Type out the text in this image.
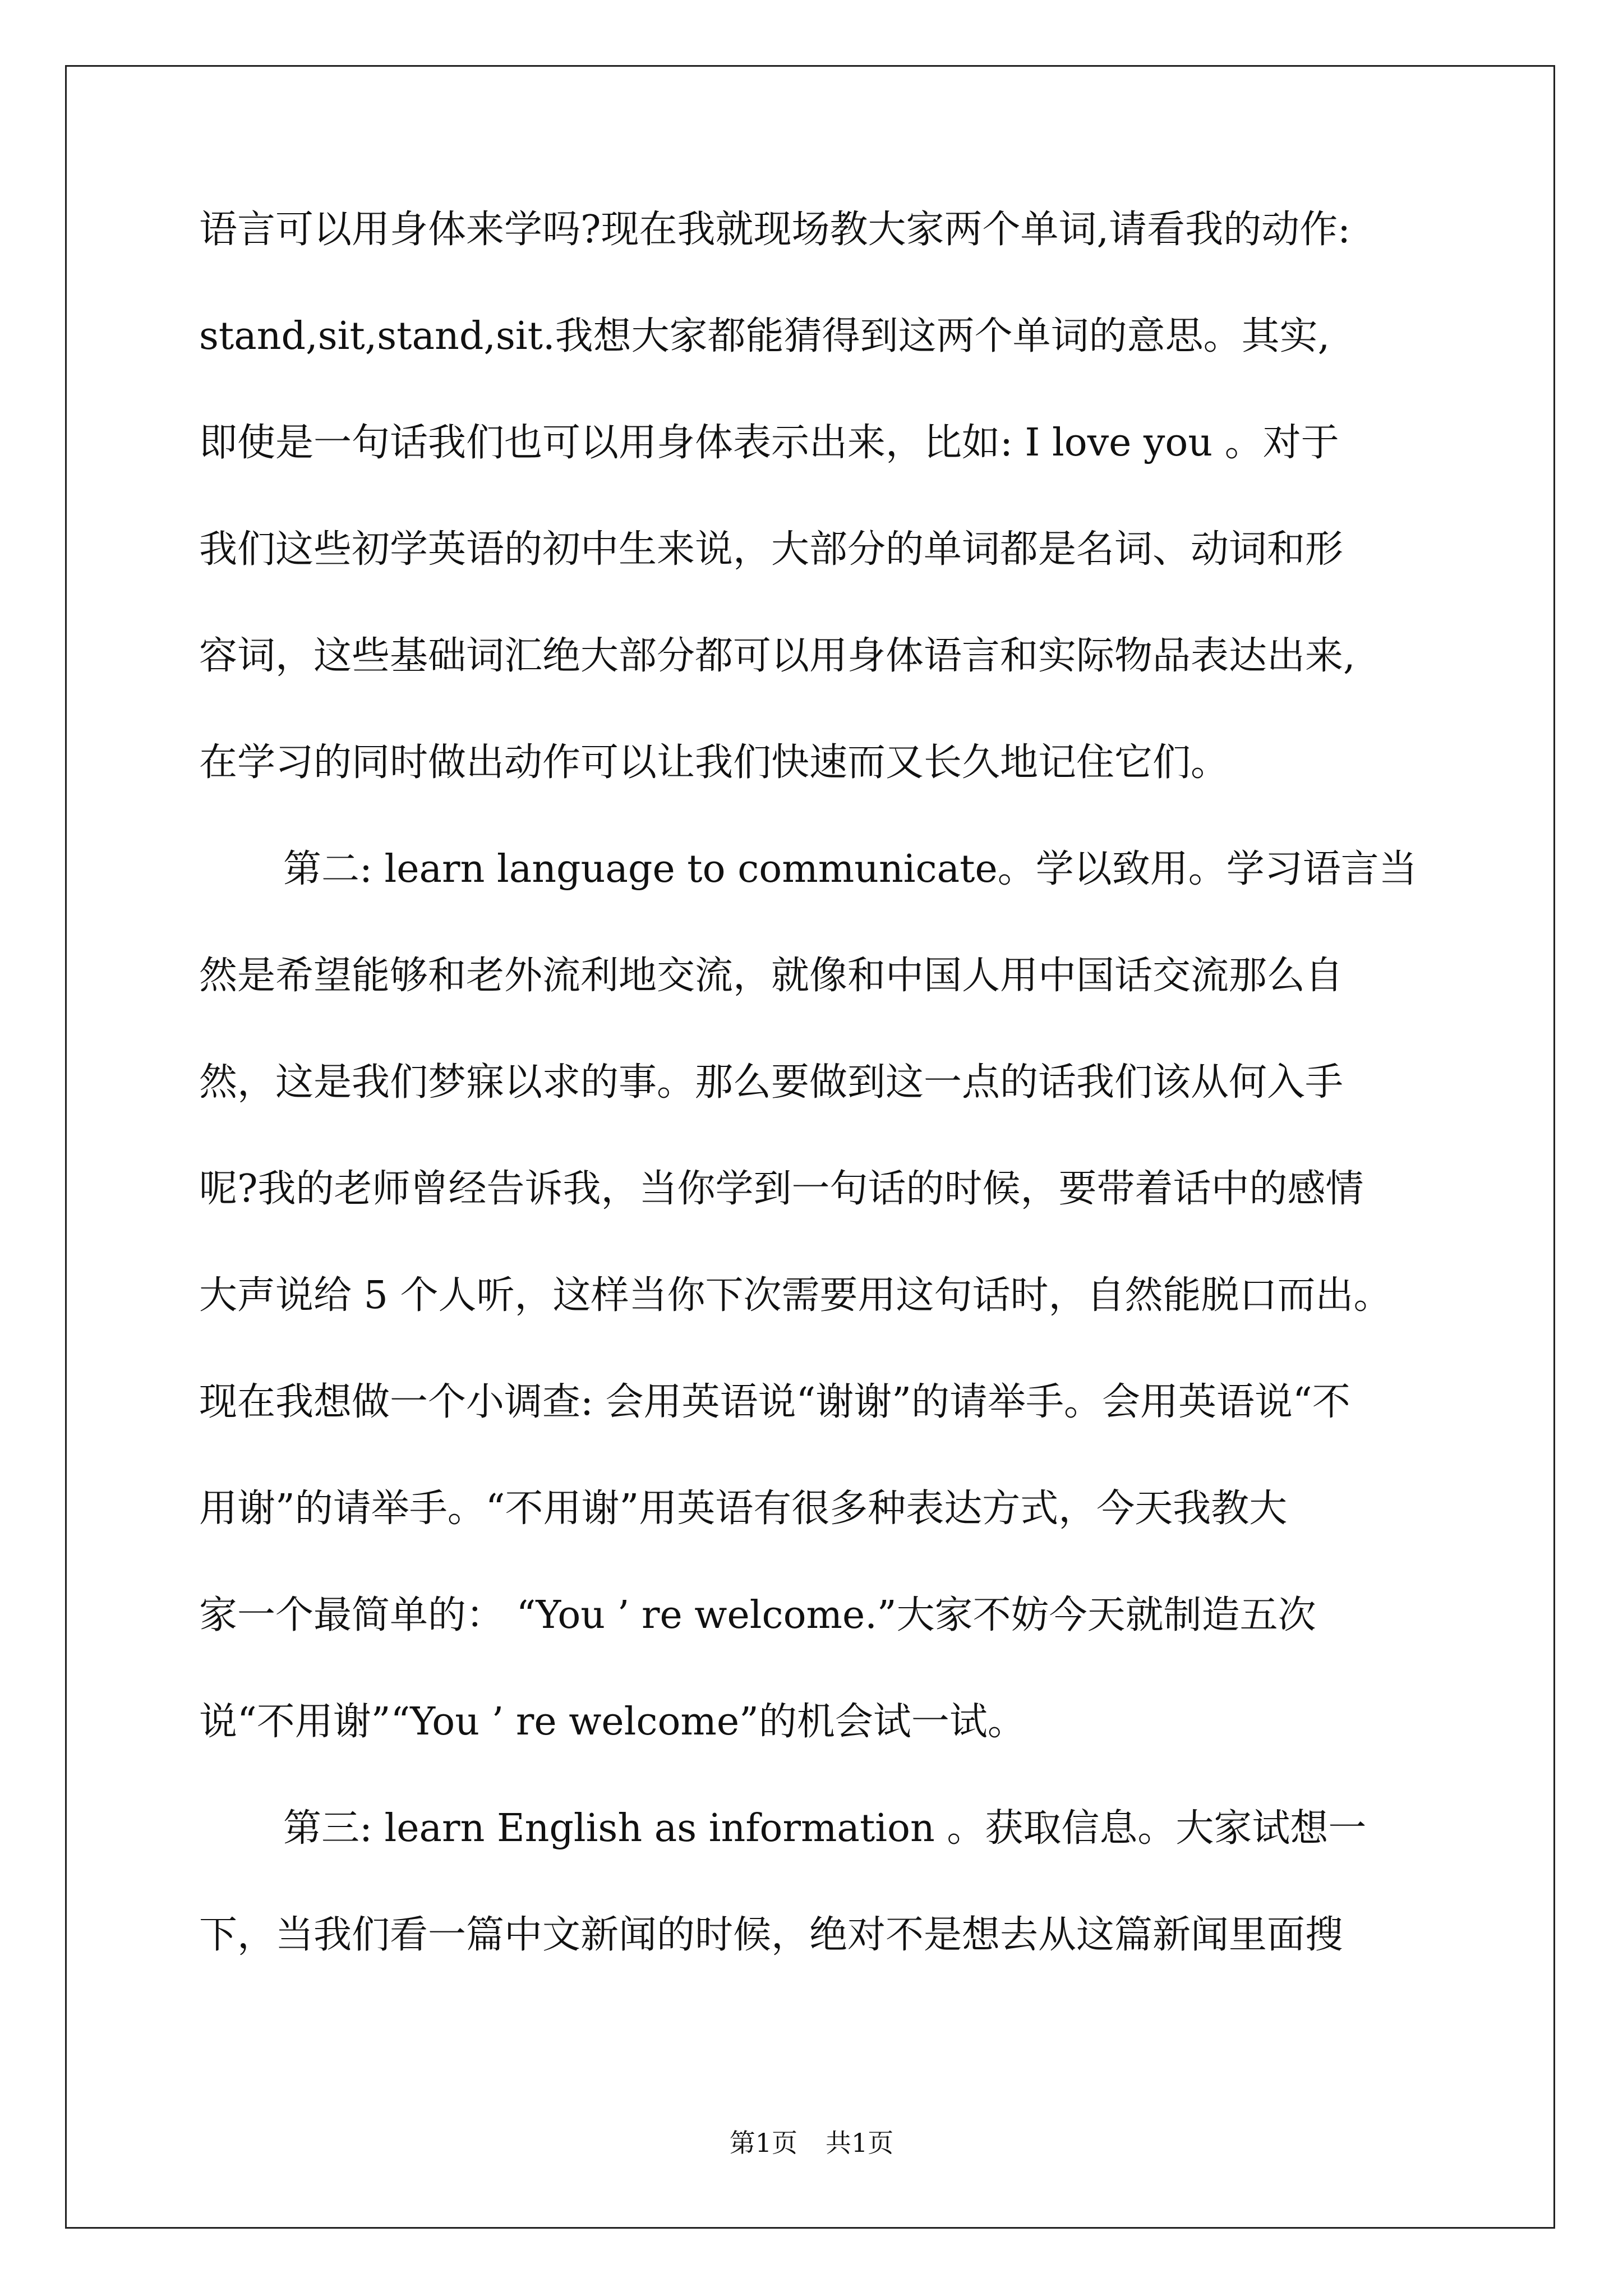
语言可以用身体来学吗?现在我就现场教大家两个单词,请看我的动作:
stand,sit,stand,sit.我想大家都能猜得到这两个单词的意思。其实,
即使是一句话我们也可以用身体表示出来，比如: I love you 。对于
我们这些初学英语的初中生来说，大部分的单词都是名词、动词和形
容词，这些基础词汇绝大部分都可以用身体语言和实际物品表达出来,
在学习的同时做出动作可以让我们快速而又长久地记住它们。
第二: learn language to communicate。学以致用。学习语言当
然是希望能够和老外流利地交流，就像和中国人用中国话交流那么自
然，这是我们梦寐以求的事。那么要做到这一点的话我们该从何入手
呢?我的老师曾经告诉我，当你学到一句话的时候，要带着话中的感情
大声说给 5 个人听，这样当你下次需要用这句话时，自然能脱口而出。
现在我想做一个小调查: 会用英语说“谢谢”的请举手。会用英语说“不
用谢”的请举手。“不用谢”用英语有很多种表达方式，今天我教大
家一个最简单的： “You ’ re welcome.”大家不妨今天就制造五次
说“不用谢”“You ’ re welcome”的机会试一试。
第三: learn English as information 。获取信息。大家试想一
下，当我们看一篇中文新闻的时候，绝对不是想去从这篇新闻里面搜
第1页 共1页
